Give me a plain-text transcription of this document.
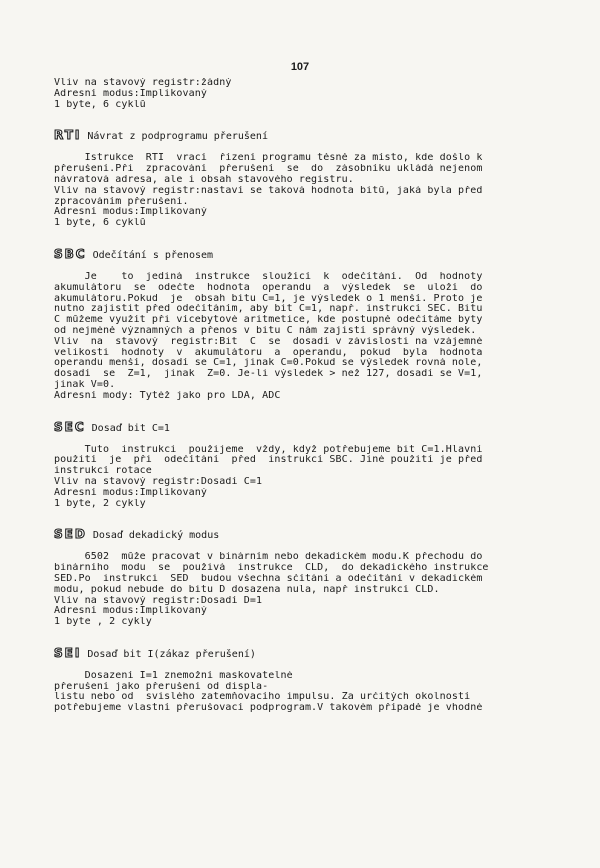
107
Vliv na stavový registr:žádný
Adresní modus:Implikovaný
1 byte, 6 cyklů
RTI Návrat z podprogramu přerušení
Istrukce  RTI  vrací  řízení programu těsně za místo, kde došlo k
přerušení.Při  zpracování  přerušení  se  do  zásobníku ukládá nejenom
návratová adresa, ale i obsah stavového registru.
Vliv na stavový registr:nastaví se taková hodnota bitů, jaká byla před
zpracováním přerušení.
Adresní modus:Implikovaný
1 byte, 6 cyklů
SBC Odečítání s přenosem
Je    to  jediná  instrukce  sloužící  k  odečítání.  Od  hodnoty
akumulátoru  se  odečte  hodnota  operandu  a  výsledek  se  uloží  do
akumulátoru.Pokud  je  obsah bitu C=1, je výsledek o 1 menší. Proto je
nutno zajistit před odečítáním, aby bit C=1, např. instrukcí SEC. Bitu
C můžeme využít při vícebytové aritmetice, kde postupně odečítáme byty
od nejméně významných a přenos v bitu C nám zajistí správný výsledek.
Vliv  na  stavový  registr:Bit  C  se  dosadí v závislosti na vzájemné
velikosti  hodnoty  v  akumulátoru  a  operandu,  pokud  byla  hodnota
operandu menší, dosadí se C=1, jinak C=0.Pokud se výsledek rovná nole,
dosadí  se  Z=1,  jinak  Z=0. Je-li výsledek > než 127, dosadí se V=1,
jinak V=0.
Adresní mody: Tytéž jako pro LDA, ADC
SEC Dosaď bit C=1
Tuto  instrukci  použijeme  vždy, když potřebujeme bit C=1.Hlavní
použití  je  při  odečítání  před  instrukcí SBC. Jiné použití je před
instrukcí rotace
Vliv na stavový registr:Dosadí C=1
Adresní modus:Implikovaný
1 byte, 2 cykly
SED Dosaď dekadický modus
6502  může pracovat v binárním nebo dekadickém modu.K přechodu do
binárního  modu  se  použivá  instrukce  CLD,  do dekadického instrukce
SED.Po  instrukci  SED  budou všechna sčítání a odečítání v dekadickém
modu, pokud nebude do bitu D dosazena nula, např instrukcí CLD.
Vliv na stavový registr:Dosadí D=1
Adresní modus:Implikovaný
1 byte , 2 cykly
SEI Dosaď bit I(zákaz přerušení)
Dosazení I=1 znemožní maskovatelné
přerušení jako přerušení od displa-
listu nebo od  svislého zatemňovacího impulsu. Za určitých okolností
potřebujeme vlastní přerušovací podprogram.V takovém případě je vhodné
